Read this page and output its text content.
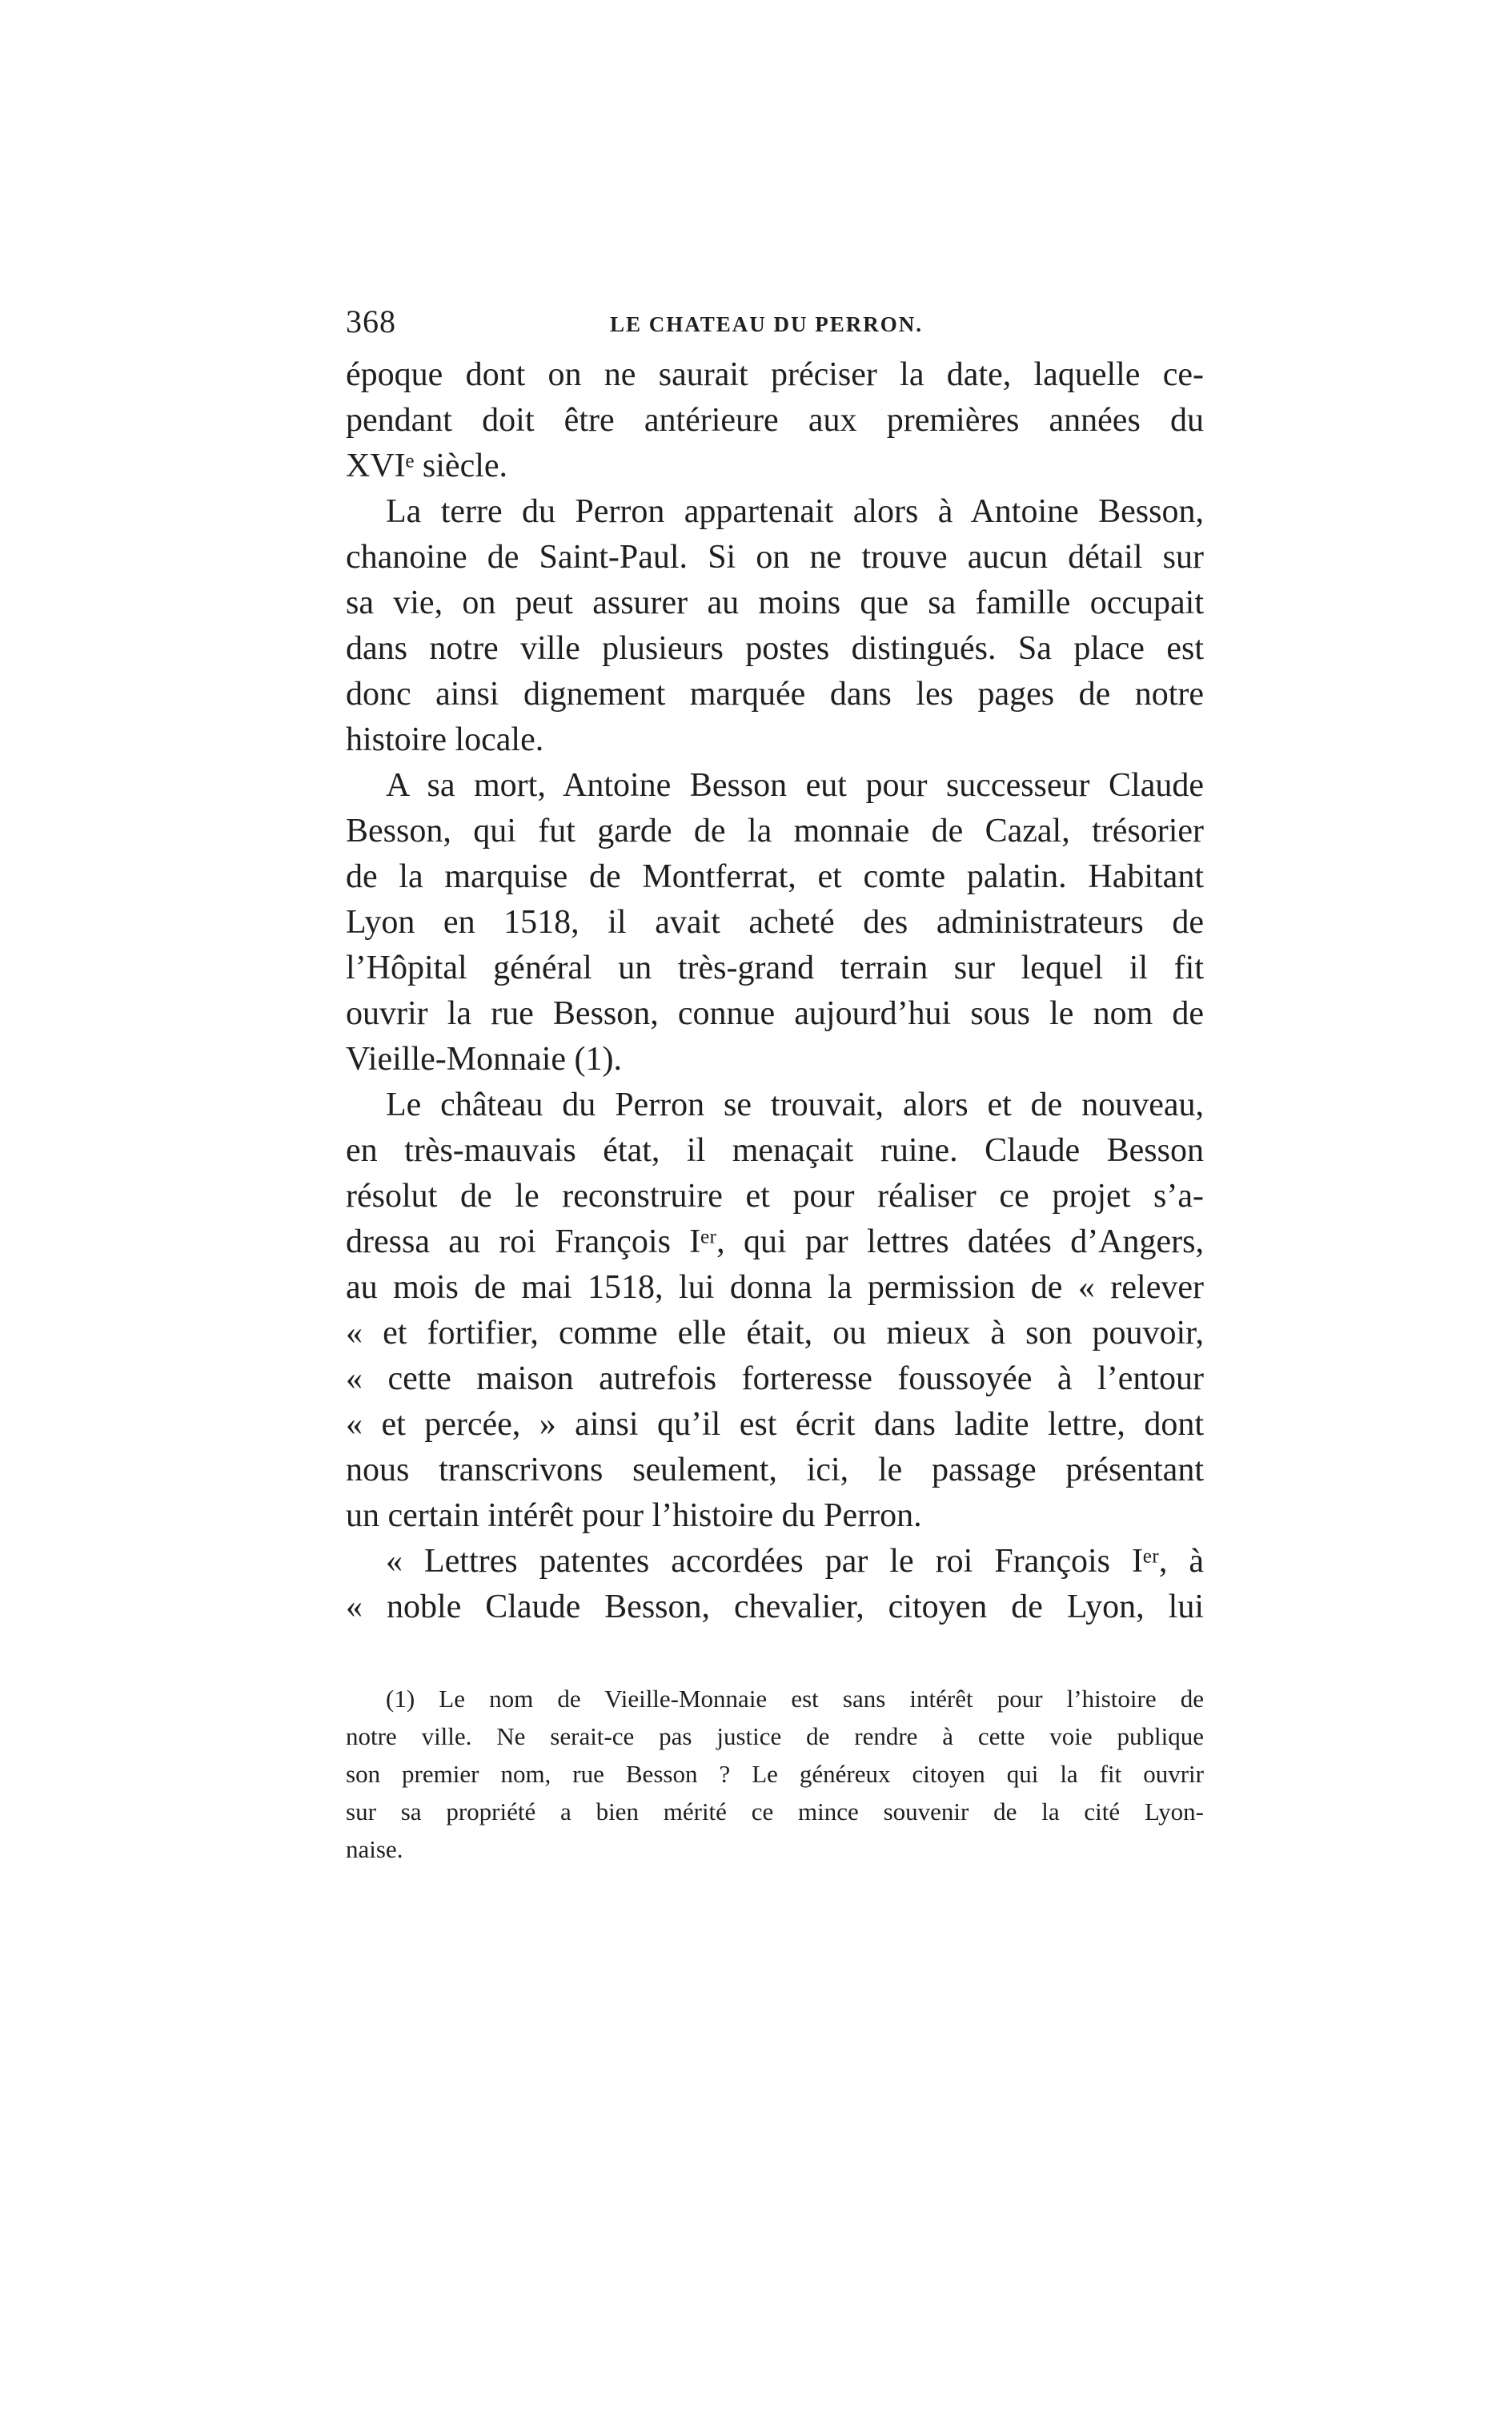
368	LE CHATEAU DU PERRON.
époque dont on ne saurait préciser la date, laquelle ce-
pendant doit être antérieure aux premières années du
XVIᵉ siècle.
La terre du Perron appartenait alors à Antoine Besson,
chanoine de Saint-Paul. Si on ne trouve aucun détail sur
sa vie, on peut assurer au moins que sa famille occupait
dans notre ville plusieurs postes distingués. Sa place est
donc ainsi dignement marquée dans les pages de notre
histoire locale.
A sa mort, Antoine Besson eut pour successeur Claude
Besson, qui fut garde de la monnaie de Cazal, trésorier
de la marquise de Montferrat, et comte palatin. Habitant
Lyon en 1518, il avait acheté des administrateurs de
l’Hôpital général un très-grand terrain sur lequel il fit
ouvrir la rue Besson, connue aujourd’hui sous le nom de
Vieille-Monnaie (1).
Le château du Perron se trouvait, alors et de nouveau,
en très-mauvais état, il menaçait ruine. Claude Besson
résolut de le reconstruire et pour réaliser ce projet s’a-
dressa au roi François Iᵉʳ, qui par lettres datées d’Angers,
au mois de mai 1518, lui donna la permission de « relever
« et fortifier, comme elle était, ou mieux à son pouvoir,
« cette maison autrefois forteresse foussoyée à l’entour
« et percée, » ainsi qu’il est écrit dans ladite lettre, dont
nous transcrivons seulement, ici, le passage présentant
un certain intérêt pour l’histoire du Perron.
« Lettres patentes accordées par le roi François Iᵉʳ, à
« noble Claude Besson, chevalier, citoyen de Lyon, lui
(1) Le nom de Vieille-Monnaie est sans intérêt pour l’histoire de
notre ville. Ne serait-ce pas justice de rendre à cette voie publique
son premier nom, rue Besson ? Le généreux citoyen qui la fit ouvrir
sur sa propriété a bien mérité ce mince souvenir de la cité Lyon-
naise.
